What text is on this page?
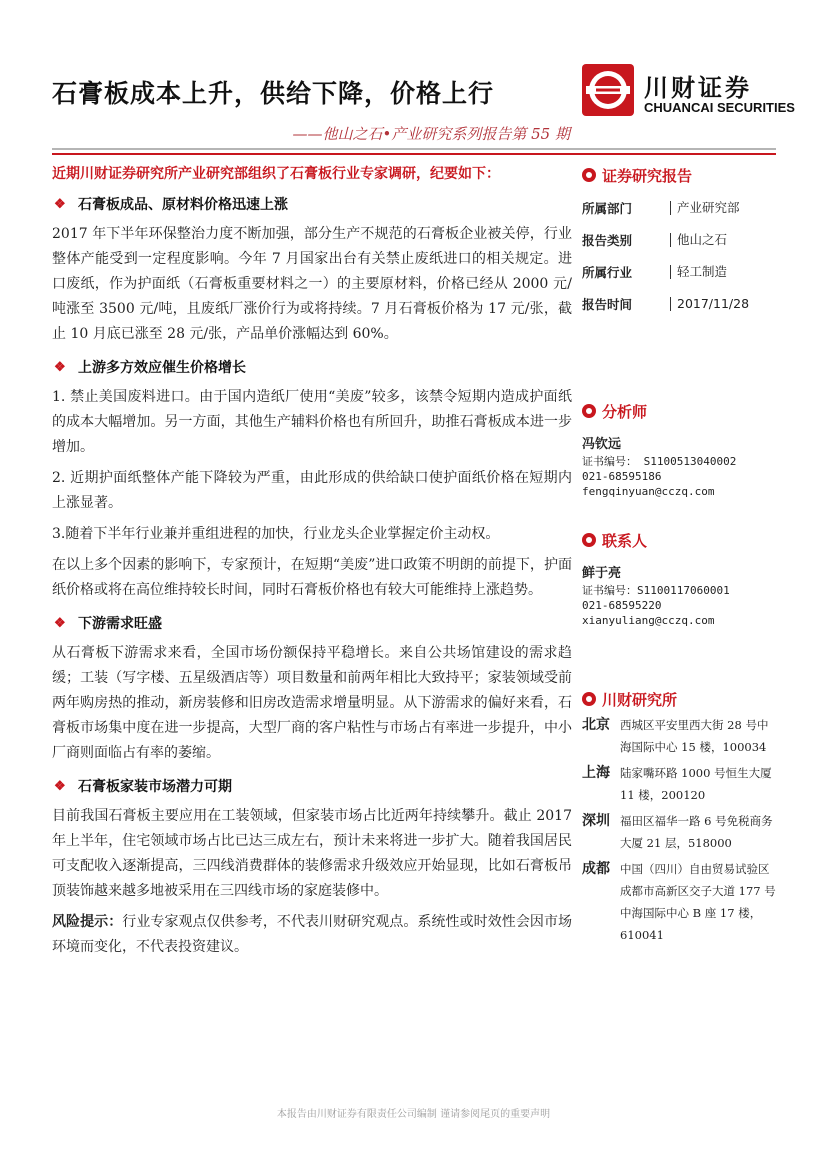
石膏板成本上升，供给下降，价格上行
——他山之石•产业研究系列报告第 55 期
川财证券
CHUANCAI SECURITIES
近期川财证券研究所产业研究部组织了石膏板行业专家调研，纪要如下：
❖ 石膏板成品、原材料价格迅速上涨

2017 年下半年环保整治力度不断加强，部分生产不规范的石膏板企业被关停，行业整体产能受到一定程度影响。今年 7 月国家出台有关禁止废纸进口的相关规定。进口废纸，作为护面纸（石膏板重要材料之一）的主要原材料，价格已经从 2000 元/吨涨至 3500 元/吨，且废纸厂涨价行为或将持续。7 月石膏板价格为 17 元/张，截止 10 月底已涨至 28 元/张，产品单价涨幅达到 60%。

❖ 上游多方效应催生价格增长

1. 禁止美国废料进口。由于国内造纸厂使用“美废”较多，该禁令短期内造成护面纸的成本大幅增加。另一方面，其他生产辅料价格也有所回升，助推石膏板成本进一步增加。

2. 近期护面纸整体产能下降较为严重，由此形成的供给缺口使护面纸价格在短期内上涨显著。

3.随着下半年行业兼并重组进程的加快，行业龙头企业掌握定价主动权。

在以上多个因素的影响下，专家预计，在短期“美废”进口政策不明朗的前提下，护面纸价格或将在高位维持较长时间，同时石膏板价格也有较大可能维持上涨趋势。

❖ 下游需求旺盛

从石膏板下游需求来看，全国市场份额保持平稳增长。来自公共场馆建设的需求趋缓；工装（写字楼、五星级酒店等）项目数量和前两年相比大致持平；家装领域受前两年购房热的推动，新房装修和旧房改造需求增量明显。从下游需求的偏好来看，石膏板市场集中度在进一步提高，大型厂商的客户粘性与市场占有率进一步提升，中小厂商则面临占有率的萎缩。

❖ 石膏板家装市场潜力可期

目前我国石膏板主要应用在工装领域，但家装市场占比近两年持续攀升。截止 2017 年上半年，住宅领域市场占比已达三成左右，预计未来将进一步扩大。随着我国居民可支配收入逐渐提高，三四线消费群体的装修需求升级效应开始显现，比如石膏板吊顶装饰越来越多地被采用在三四线市场的家庭装修中。

风险提示：行业专家观点仅供参考，不代表川财研究观点。系统性或时效性会因市场环境而变化，不代表投资建议。

证券研究报告
所属部门	产业研究部
报告类别	他山之石
所属行业	轻工制造
报告时间	2017/11/28
分析师
冯钦远
证书编号： S1100513040002
021-68595186
fengqinyuan@cczq.com
联系人
鲜于亮
证书编号：S1100117060001
021-68595220
xianyuliang@cczq.com
川财研究所
北京 西城区平安里西大街 28 号中海国际中心 15 楼，100034
上海 陆家嘴环路 1000 号恒生大厦 11 楼，200120
深圳 福田区福华一路 6 号免税商务大厦 21 层，518000
成都 中国（四川）自由贸易试验区成都市高新区交子大道 177 号中海国际中心 B 座 17 楼，610041
本报告由川财证券有限责任公司编制 谨请参阅尾页的重要声明
